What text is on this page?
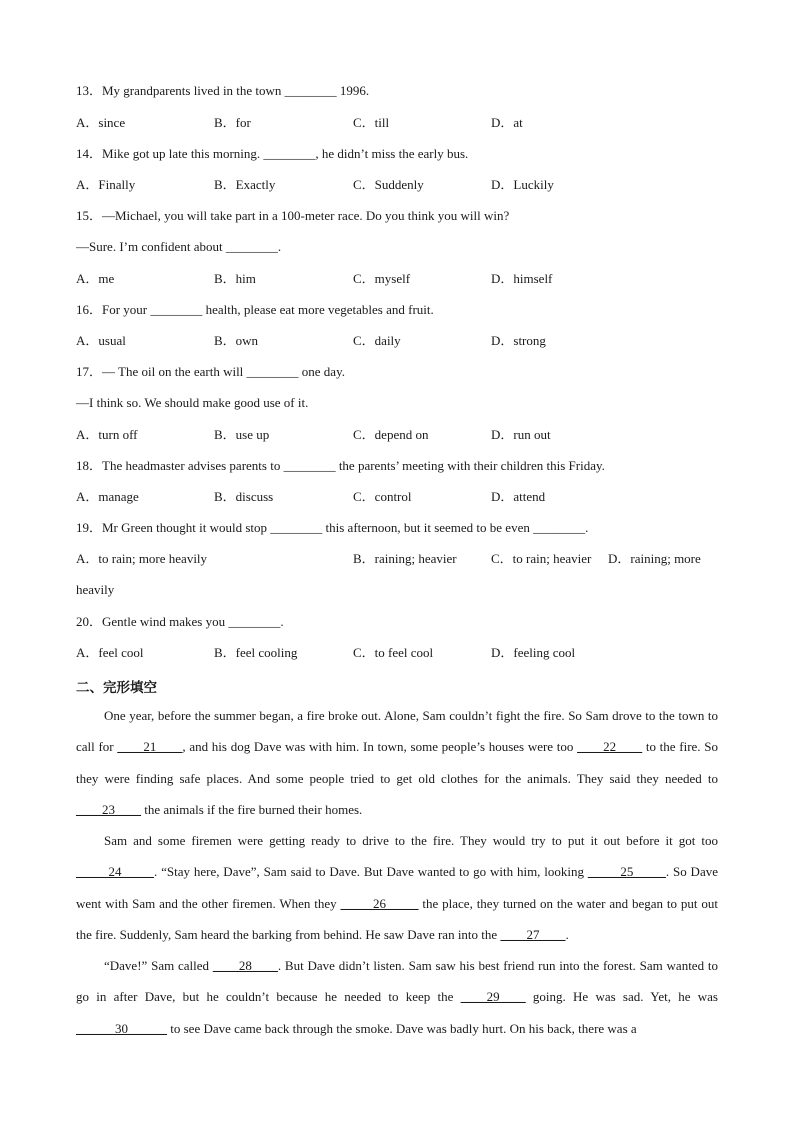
13．My grandparents lived in the town ________ 1996.
A．since	B．for	C．till	D．at
14．Mike got up late this morning. ________, he didn’t miss the early bus.
A．Finally	B．Exactly	C．Suddenly	D．Luckily
15．—Michael, you will take part in a 100-meter race. Do you think you will win?
—Sure. I’m confident about ________.
A．me	B．him	C．myself	D．himself
16．For your ________ health, please eat more vegetables and fruit.
A．usual	B．own	C．daily	D．strong
17．— The oil on the earth will ________ one day.
—I think so. We should make good use of it.
A．turn off	B．use up	C．depend on	D．run out
18．The headmaster advises parents to ________ the parents’ meeting with their children this Friday.
A．manage	B．discuss	C．control	D．attend
19．Mr Green thought it would stop ________ this afternoon, but it seemed to be even ________.
A．to rain; more heavily	B．raining; heavier	C．to rain; heavier D．raining; more
heavily
20．Gentle wind makes you ________.
A．feel cool	B．feel cooling	C．to feel cool	D．feeling cool
二、完形填空
One year, before the summer began, a fire broke out. Alone, Sam couldn’t fight the fire. So Sam drove to the town to call for ____21____, and his dog Dave was with him. In town, some people’s houses were too ____22____ to the fire. So they were finding safe places. And some people tried to get old clothes for the animals. They said they needed to ____23____ the animals if the fire burned their homes.
Sam and some firemen were getting ready to drive to the fire. They would try to put it out before it got too _____24_____. “Stay here, Dave”, Sam said to Dave. But Dave wanted to go with him, looking _____25_____. So Dave went with Sam and the other firemen. When they _____26_____ the place, they turned on the water and began to put out the fire. Suddenly, Sam heard the barking from behind. He saw Dave ran into the ____27____.
“Dave!” Sam called ____28____. But Dave didn’t listen. Sam saw his best friend run into the forest. Sam wanted to go in after Dave, but he couldn’t because he needed to keep the ____29____ going. He was sad. Yet, he was ______30______ to see Dave came back through the smoke. Dave was badly hurt. On his back, there was a
